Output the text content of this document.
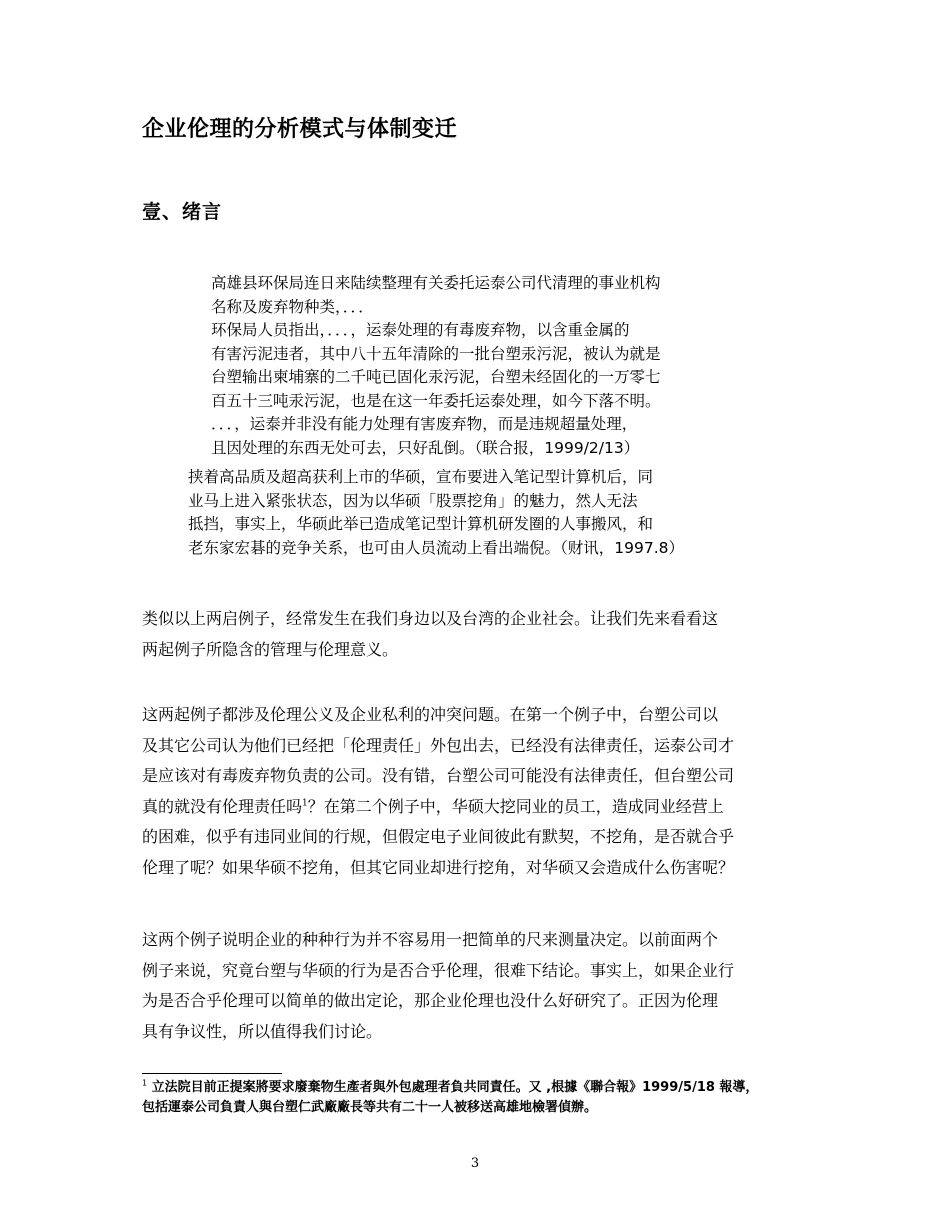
企业伦理的分析模式与体制变迁
壹、绪言
高雄县环保局连日来陆续整理有关委托运泰公司代清理的事业机构
名称及废弃物种类，．．．
环保局人员指出，．．．，运泰处理的有毒废弃物，以含重金属的
有害污泥违者，其中八十五年清除的一批台塑汞污泥，被认为就是
台塑输出柬埔寨的二千吨已固化汞污泥，台塑未经固化的一万零七
百五十三吨汞污泥，也是在这一年委托运泰处理，如今下落不明。
．．．，运泰并非没有能力处理有害废弃物，而是违规超量处理，
且因处理的东西无处可去，只好乱倒。（联合报，1999/2/13）
挟着高品质及超高获利上市的华硕，宣布要进入笔记型计算机后，同
业马上进入紧张状态，因为以华硕「股票挖角」的魅力，然人无法
抵挡，事实上，华硕此举已造成笔记型计算机研发圈的人事搬风，和
老东家宏碁的竞争关系，也可由人员流动上看出端倪。（财讯，1997.8）
类似以上两启例子，经常发生在我们身边以及台湾的企业社会。让我们先来看看这
两起例子所隐含的管理与伦理意义。
这两起例子都涉及伦理公义及企业私利的冲突问题。在第一个例子中，台塑公司以
及其它公司认为他们已经把「伦理责任」外包出去，已经没有法律责任，运泰公司才
是应该对有毒废弃物负责的公司。没有错，台塑公司可能没有法律责任，但台塑公司
真的就没有伦理责任吗$^1$？在第二个例子中，华硕大挖同业的员工，造成同业经营上
的困难，似乎有违同业间的行规，但假定电子业间彼此有默契，不挖角，是否就合乎
伦理了呢？如果华硕不挖角，但其它同业却进行挖角，对华硕又会造成什么伤害呢？
这两个例子说明企业的种种行为并不容易用一把简单的尺来测量决定。以前面两个
例子来说，究竟台塑与华硕的行为是否合乎伦理，很难下结论。事实上，如果企业行
为是否合乎伦理可以简单的做出定论，那企业伦理也没什么好研究了。正因为伦理
具有争议性，所以值得我们讨论。
$^1$ 立法院目前正提案將要求廢棄物生產者與外包處理者負共同責任。又 ,根據《聯合報》1999/5/18 報導，
包括運泰公司負責人與台塑仁武廠廠長等共有二十一人被移送高雄地檢署偵辦。
3
